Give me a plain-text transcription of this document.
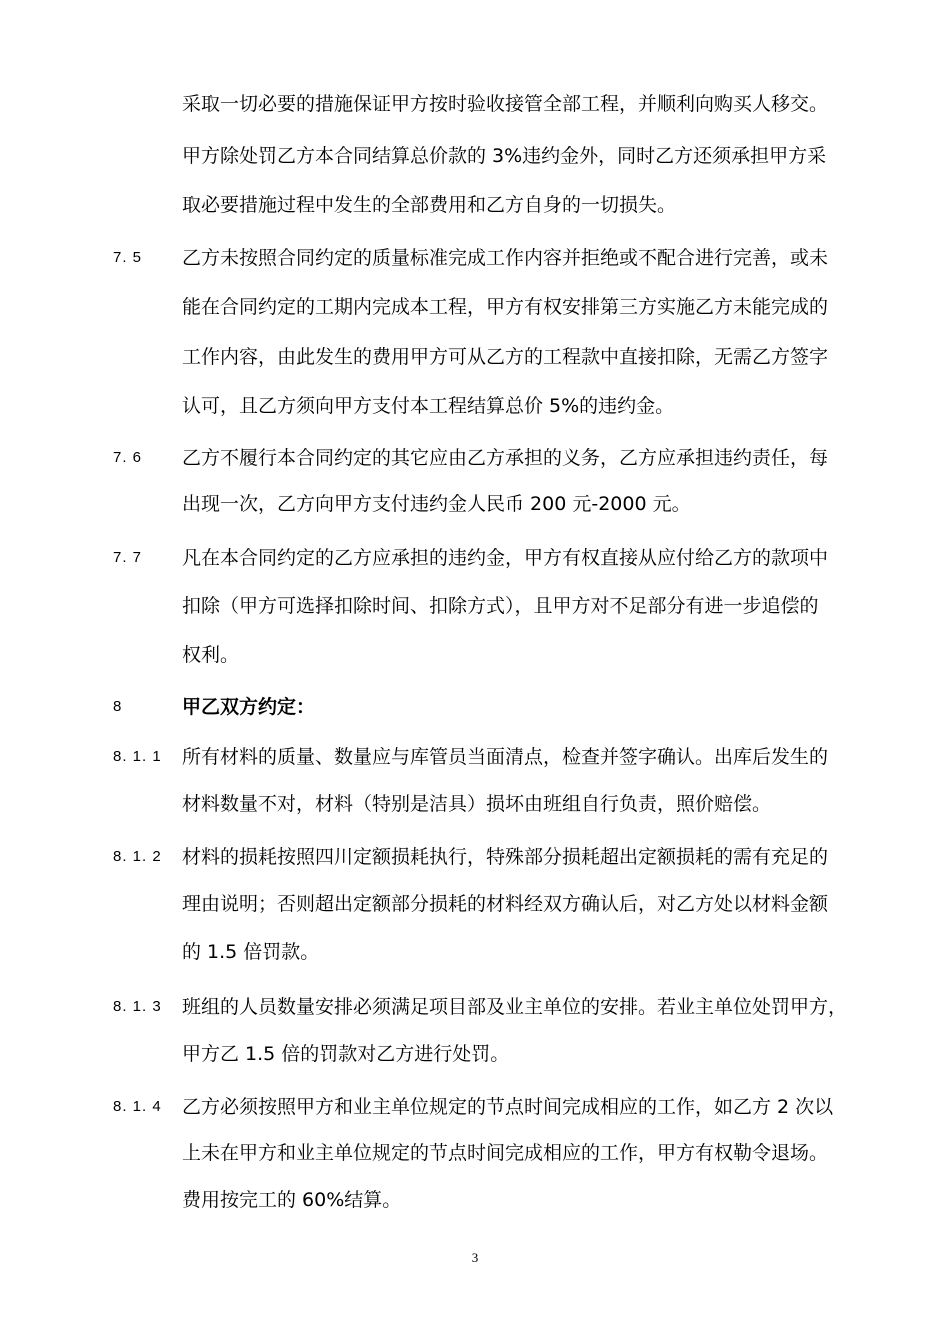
采取一切必要的措施保证甲方按时验收接管全部工程，并顺利向购买人移交。
甲方除处罚乙方本合同结算总价款的 3%违约金外，同时乙方还须承担甲方采
取必要措施过程中发生的全部费用和乙方自身的一切损失。
7. 5 乙方未按照合同约定的质量标准完成工作内容并拒绝或不配合进行完善，或未
能在合同约定的工期内完成本工程，甲方有权安排第三方实施乙方未能完成的
工作内容，由此发生的费用甲方可从乙方的工程款中直接扣除，无需乙方签字
认可，且乙方须向甲方支付本工程结算总价 5%的违约金。
7. 6 乙方不履行本合同约定的其它应由乙方承担的义务，乙方应承担违约责任，每
出现一次，乙方向甲方支付违约金人民币 200 元-2000 元。
7. 7 凡在本合同约定的乙方应承担的违约金，甲方有权直接从应付给乙方的款项中
扣除（甲方可选择扣除时间、扣除方式），且甲方对不足部分有进一步追偿的
权利。
8	甲乙双方约定：
8. 1. 1 所有材料的质量、数量应与库管员当面清点，检查并签字确认。出库后发生的
材料数量不对，材料（特别是洁具）损坏由班组自行负责，照价赔偿。
8. 1. 2 材料的损耗按照四川定额损耗执行，特殊部分损耗超出定额损耗的需有充足的
理由说明；否则超出定额部分损耗的材料经双方确认后，对乙方处以材料金额
的 1.5 倍罚款。
8. 1. 3 班组的人员数量安排必须满足项目部及业主单位的安排。若业主单位处罚甲方，
甲方乙 1.5 倍的罚款对乙方进行处罚。
8. 1. 4 乙方必须按照甲方和业主单位规定的节点时间完成相应的工作，如乙方 2 次以
上未在甲方和业主单位规定的节点时间完成相应的工作，甲方有权勒令退场。
费用按完工的 60%结算。
3
